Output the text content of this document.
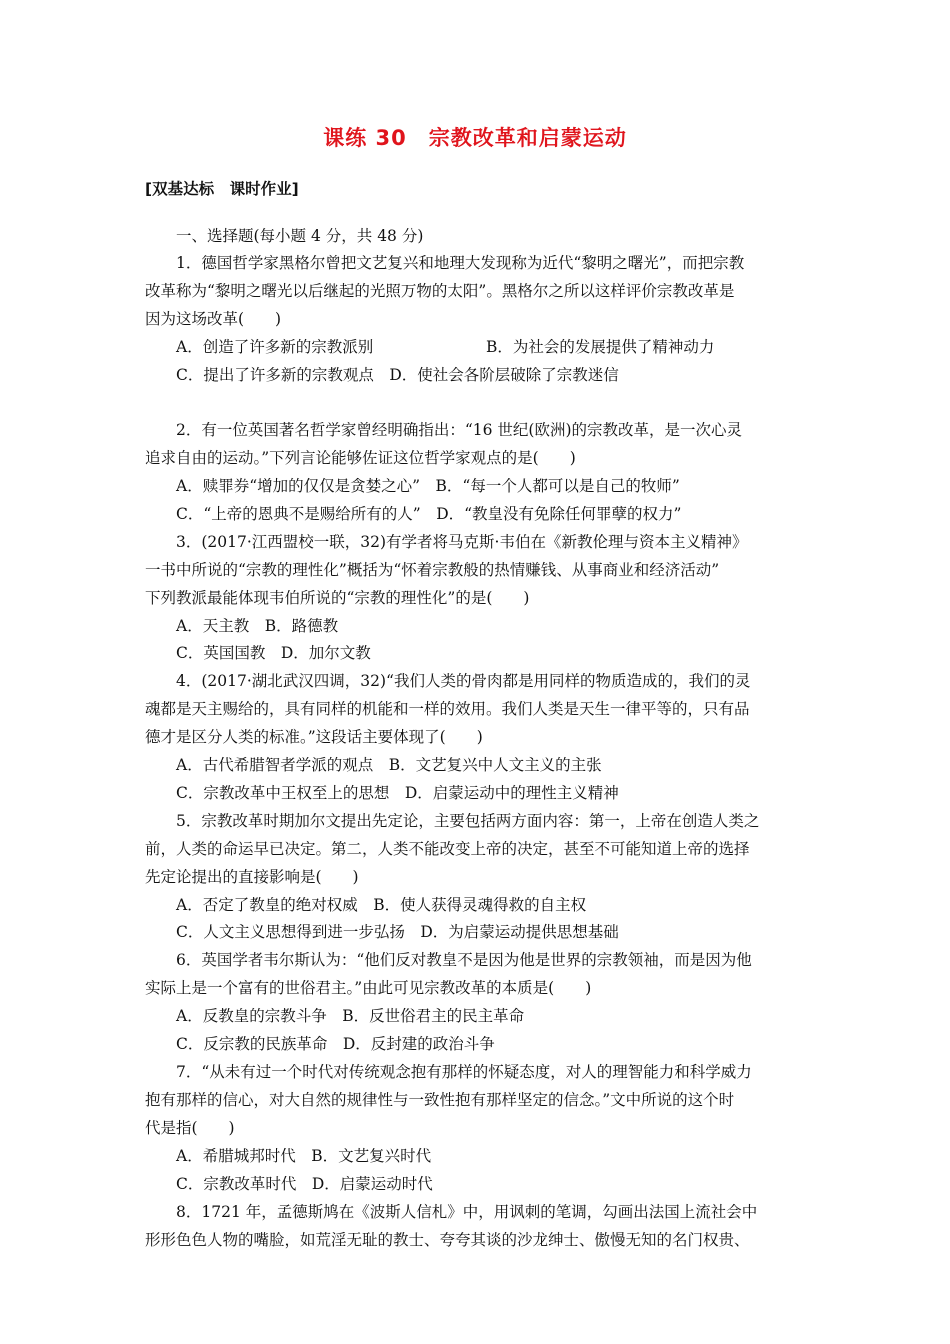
课练 30　宗教改革和启蒙运动
[双基达标　课时作业]
一、选择题(每小题 4 分，共 48 分)
1．德国哲学家黑格尔曾把文艺复兴和地理大发现称为近代“黎明之曙光”，而把宗教
改革称为“黎明之曙光以后继起的光照万物的太阳”。黑格尔之所以这样评价宗教改革是
因为这场改革(　　)
A．创造了许多新的宗教派别	B．为社会的发展提供了精神动力
C．提出了许多新的宗教观点　D．使社会各阶层破除了宗教迷信
2．有一位英国著名哲学家曾经明确指出：“16 世纪(欧洲)的宗教改革，是一次心灵
追求自由的运动。”下列言论能够佐证这位哲学家观点的是(　　)
A．赎罪券“增加的仅仅是贪婪之心”　B．“每一个人都可以是自己的牧师”
C．“上帝的恩典不是赐给所有的人”　D．“教皇没有免除任何罪孽的权力”
3．(2017·江西盟校一联，32)有学者将马克斯·韦伯在《新教伦理与资本主义精神》
一书中所说的“宗教的理性化”概括为“怀着宗教般的热情赚钱、从事商业和经济活动”
下列教派最能体现韦伯所说的“宗教的理性化”的是(　　)
A．天主教　B．路德教
C．英国国教　D．加尔文教
4．(2017·湖北武汉四调，32)“我们人类的骨肉都是用同样的物质造成的，我们的灵
魂都是天主赐给的，具有同样的机能和一样的效用。我们人类是天生一律平等的，只有品
德才是区分人类的标准。”这段话主要体现了(　　)
A．古代希腊智者学派的观点　B．文艺复兴中人文主义的主张
C．宗教改革中王权至上的思想　D．启蒙运动中的理性主义精神
5．宗教改革时期加尔文提出先定论，主要包括两方面内容：第一，上帝在创造人类之
前，人类的命运早已决定。第二，人类不能改变上帝的决定，甚至不可能知道上帝的选择
先定论提出的直接影响是(　　)
A．否定了教皇的绝对权威　B．使人获得灵魂得救的自主权
C．人文主义思想得到进一步弘扬　D．为启蒙运动提供思想基础
6．英国学者韦尔斯认为：“他们反对教皇不是因为他是世界的宗教领袖，而是因为他
实际上是一个富有的世俗君主。”由此可见宗教改革的本质是(　　)
A．反教皇的宗教斗争　B．反世俗君主的民主革命
C．反宗教的民族革命　D．反封建的政治斗争
7．“从未有过一个时代对传统观念抱有那样的怀疑态度，对人的理智能力和科学威力
抱有那样的信心，对大自然的规律性与一致性抱有那样坚定的信念。”文中所说的这个时
代是指(　　)
A．希腊城邦时代　B．文艺复兴时代
C．宗教改革时代　D．启蒙运动时代
8．1721 年，孟德斯鸠在《波斯人信札》中，用讽刺的笔调，勾画出法国上流社会中
形形色色人物的嘴脸，如荒淫无耻的教士、夸夸其谈的沙龙绅士、傲慢无知的名门权贵、
